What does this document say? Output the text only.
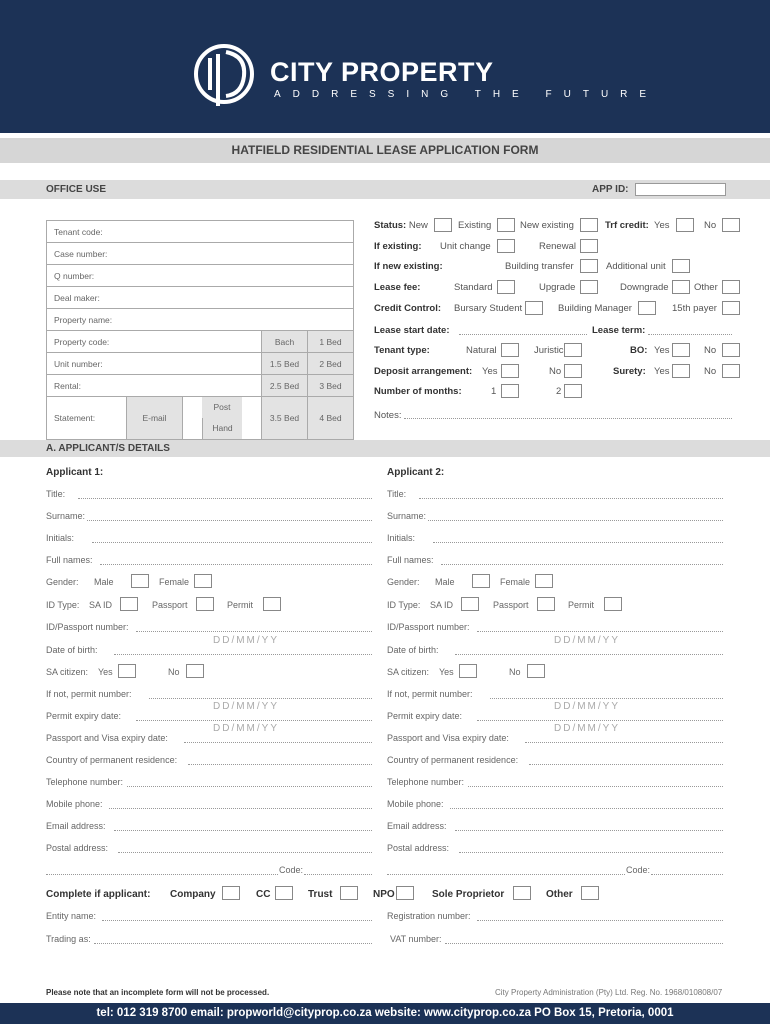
CITY PROPERTY
ADDRESSING THE FUTURE
HATFIELD RESIDENTIAL LEASE APPLICATION FORM
OFFICE USE	APP ID:
Tenant code:				
Case number:				
Q number:				
Deal maker:				
Property name:				
Property code:			Bach	1 Bed
Unit number:			1.5 Bed	2 Bed
Rental:			2.5 Bed	3 Bed
Statement:	E-mail	PostHand	3.5 Bed	4 Bed
Status: New	Existing	New existing	Trf credit: Yes	No
If existing: Unit change	Renewal
If new existing:	Building transfer	Additional unit
Lease fee:	Standard	Upgrade	Downgrade	Other
Credit Control: Bursary Student	Building Manager	15th payer
Lease start date:	Lease term:
Tenant type:	Natural	Juristic	BO: Yes	No
Deposit arrangement: Yes	No	Surety: Yes	No
Number of months:	1	2
Notes:
A. APPLICANT/S DETAILS
Applicant 1:	Applicant 2:
Title:
Surname:
Initials:
Full names:
Gender: Male	Female
ID Type: SA ID	Passport	Permit
ID/Passport number:
Date of birth:
DD/MM/YY
SA citizen: Yes	No
If not, permit number:
Permit expiry date:
DD/MM/YY
Passport and Visa expiry date:
DD/MM/YY
Country of permanent residence:
Telephone number:
Mobile phone:
Email address:
Postal address:
Code:
Title:
Surname:
Initials:
Full names:
Gender: Male	Female
ID Type: SA ID	Passport	Permit
ID/Passport number:
Date of birth:
DD/MM/YY
SA citizen: Yes	No
If not, permit number:
Permit expiry date:
DD/MM/YY
Passport and Visa expiry date:
DD/MM/YY
Country of permanent residence:
Telephone number:
Mobile phone:
Email address:
Postal address:
Code:
Complete if applicant: Company	CC	Trust	NPO	Sole Proprietor	Other
Entity name:	Registration number:
Trading as:	VAT number:
Please note that an incomplete form will not be processed.	City Property Administration (Pty) Ltd. Reg. No. 1968/010808/07
tel: 012 319 8700 email: propworld@cityprop.co.za website: www.cityprop.co.za PO Box 15, Pretoria, 0001
